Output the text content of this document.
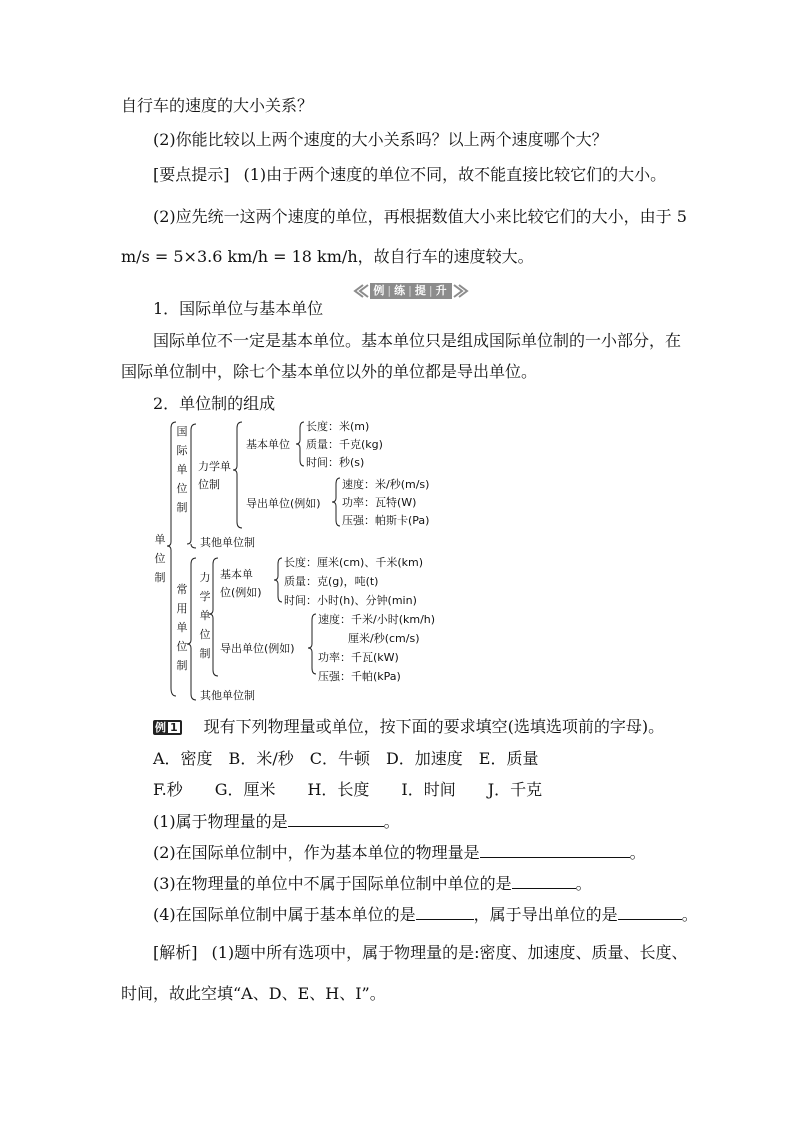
自行车的速度的大小关系？
(2)你能比较以上两个速度的大小关系吗？以上两个速度哪个大？
[要点提示] (1)由于两个速度的单位不同，故不能直接比较它们的大小。
(2)应先统一这两个速度的单位，再根据数值大小来比较它们的大小，由于 5
m/s = 5×3.6 km/h = 18 km/h，故自行车的速度较大。
例|练|提|升
1．国际单位与基本单位
国际单位不一定是基本单位。基本单位只是组成国际单位制的一小部分，在
国际单位制中，除七个基本单位以外的单位都是导出单位。
2．单位制的组成
单
位
制
国
际
单
位
制
力学单位制
基本单位
长度：米(m)
质量：千克(kg)
时间：秒(s)
导出单位(例如)
速度：米/秒(m/s)
功率：瓦特(W)
压强：帕斯卡(Pa)
其他单位制
常
用
单
位
制
力
学
单
位
制
基本单
位(例如)
长度：厘米(cm)、千米(km)
质量：克(g)，吨(t)
时间：小时(h)、分钟(min)
导出单位(例如)
速度：千米/小时(km/h)
厘米/秒(cm/s)
功率：千瓦(kW)
压强：千帕(kPa)
其他单位制
例 1 现有下列物理量或单位，按下面的要求填空(选填选项前的字母)。
A．密度　B．米/秒　C．牛顿　D．加速度　E．质量
F.秒　　G．厘米　　H．长度　　I．时间　　J．千克
(1)属于物理量的是	。
(2)在国际单位制中，作为基本单位的物理量是	。
(3)在物理量的单位中不属于国际单位制中单位的是	。
(4)在国际单位制中属于基本单位的是	，属于导出单位的是	。
[解析] (1)题中所有选项中，属于物理量的是:密度、加速度、质量、长度、
时间，故此空填“A、D、E、H、I”。
